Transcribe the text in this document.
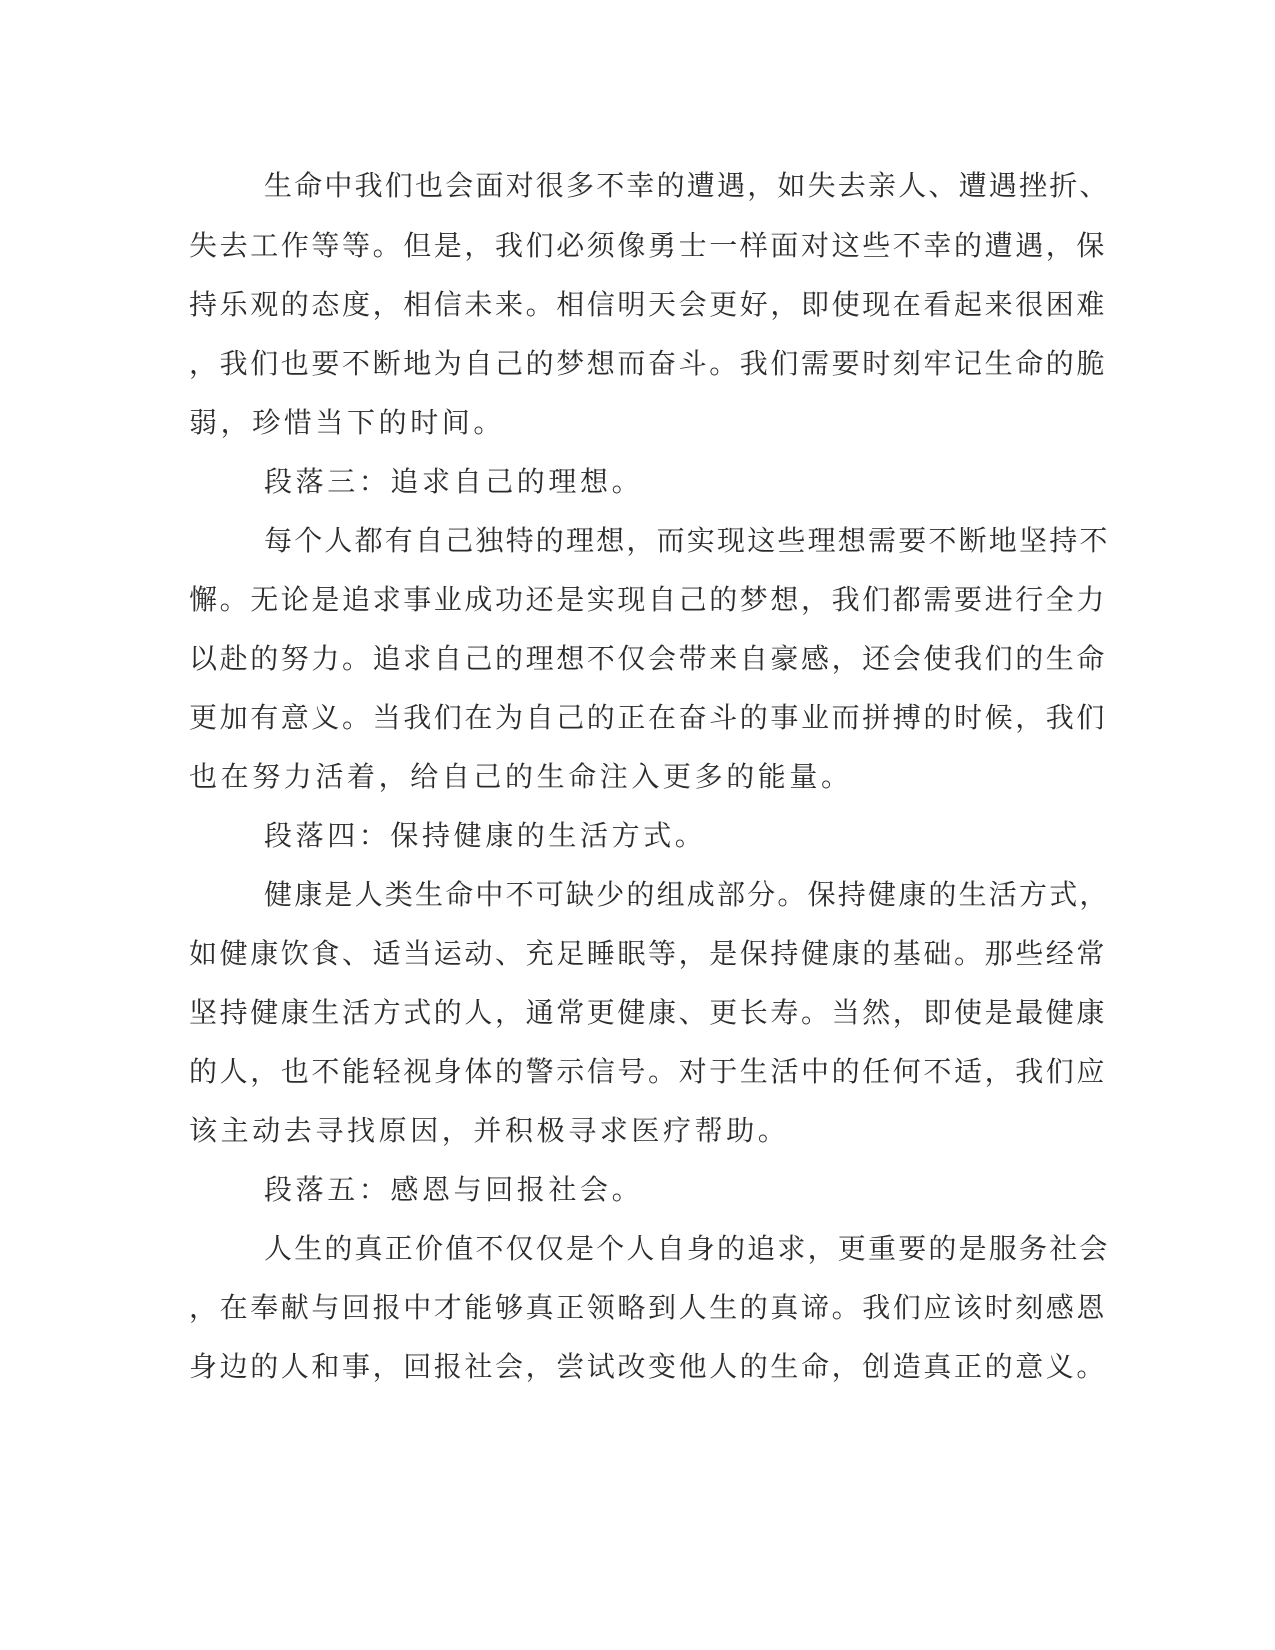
生命中我们也会面对很多不幸的遭遇，如失去亲人、遭遇挫折、
失去工作等等。但是，我们必须像勇士一样面对这些不幸的遭遇，保
持乐观的态度，相信未来。相信明天会更好，即使现在看起来很困难
，我们也要不断地为自己的梦想而奋斗。我们需要时刻牢记生命的脆
弱，珍惜当下的时间。
段落三：追求自己的理想。
每个人都有自己独特的理想，而实现这些理想需要不断地坚持不
懈。无论是追求事业成功还是实现自己的梦想，我们都需要进行全力
以赴的努力。追求自己的理想不仅会带来自豪感，还会使我们的生命
更加有意义。当我们在为自己的正在奋斗的事业而拼搏的时候，我们
也在努力活着，给自己的生命注入更多的能量。
段落四：保持健康的生活方式。
健康是人类生命中不可缺少的组成部分。保持健康的生活方式，
如健康饮食、适当运动、充足睡眠等，是保持健康的基础。那些经常
坚持健康生活方式的人，通常更健康、更长寿。当然，即使是最健康
的人，也不能轻视身体的警示信号。对于生活中的任何不适，我们应
该主动去寻找原因，并积极寻求医疗帮助。
段落五：感恩与回报社会。
人生的真正价值不仅仅是个人自身的追求，更重要的是服务社会
，在奉献与回报中才能够真正领略到人生的真谛。我们应该时刻感恩
身边的人和事，回报社会，尝试改变他人的生命，创造真正的意义。
